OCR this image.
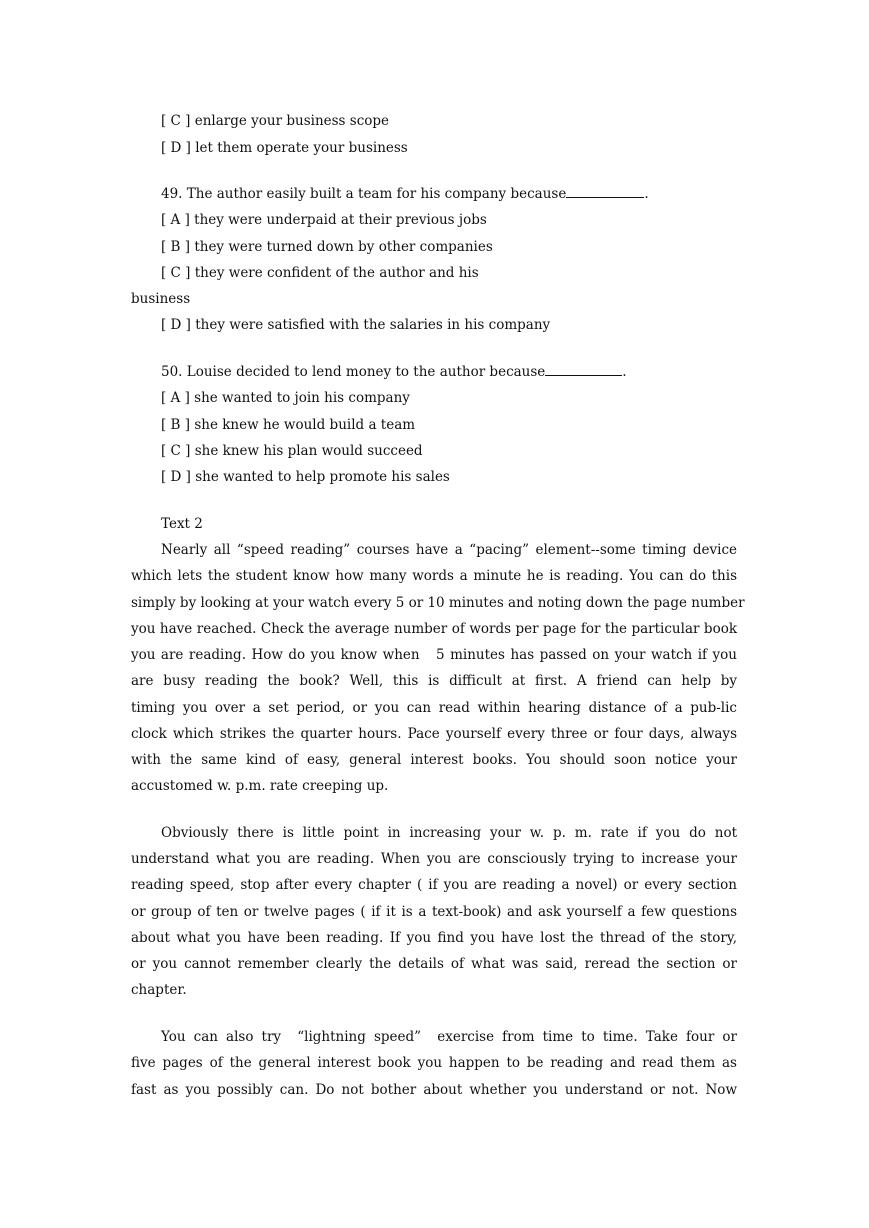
[ C ] enlarge your business scope
[ D ] let them operate your business
49. The author easily built a team for his company because	.
[ A ] they were underpaid at their previous jobs
[ B ] they were turned down by other companies
[ C ] they were confident of the author and his
business
[ D ] they were satisfied with the salaries in his company
50. Louise decided to lend money to the author because	.
[ A ] she wanted to join his company
[ B ] she knew he would build a team
[ C ] she knew his plan would succeed
[ D ] she wanted to help promote his sales
Text 2
Nearly all “speed reading” courses have a “pacing” element--some timing device
which lets the student know how many words a minute he is reading. You can do this
simply by looking at your watch every 5 or 10 minutes and noting down the page number
you have reached. Check the average number of words per page for the particular book
you are reading. How do you know when   5 minutes has passed on your watch if you
are busy reading the book? Well, this is difficult at first. A friend can help by
timing you over a set period, or you can read within hearing distance of a pub-lic
clock which strikes the quarter hours. Pace yourself every three or four days, always
with the same kind of easy, general interest books. You should soon notice your
accustomed w. p.m. rate creeping up.
Obviously there is little point in increasing your w. p. m. rate if you do not
understand what you are reading. When you are consciously trying to increase your
reading speed, stop after every chapter ( if you are reading a novel) or every section
or group of ten or twelve pages ( if it is a text-book) and ask yourself a few questions
about what you have been reading. If you find you have lost the thread of the story,
or you cannot remember clearly the details of what was said, reread the section or
chapter.
You can also try  “lightning speed”  exercise from time to time. Take four or
five pages of the general interest book you happen to be reading and read them as
fast as you possibly can. Do not bother about whether you understand or not. Now
